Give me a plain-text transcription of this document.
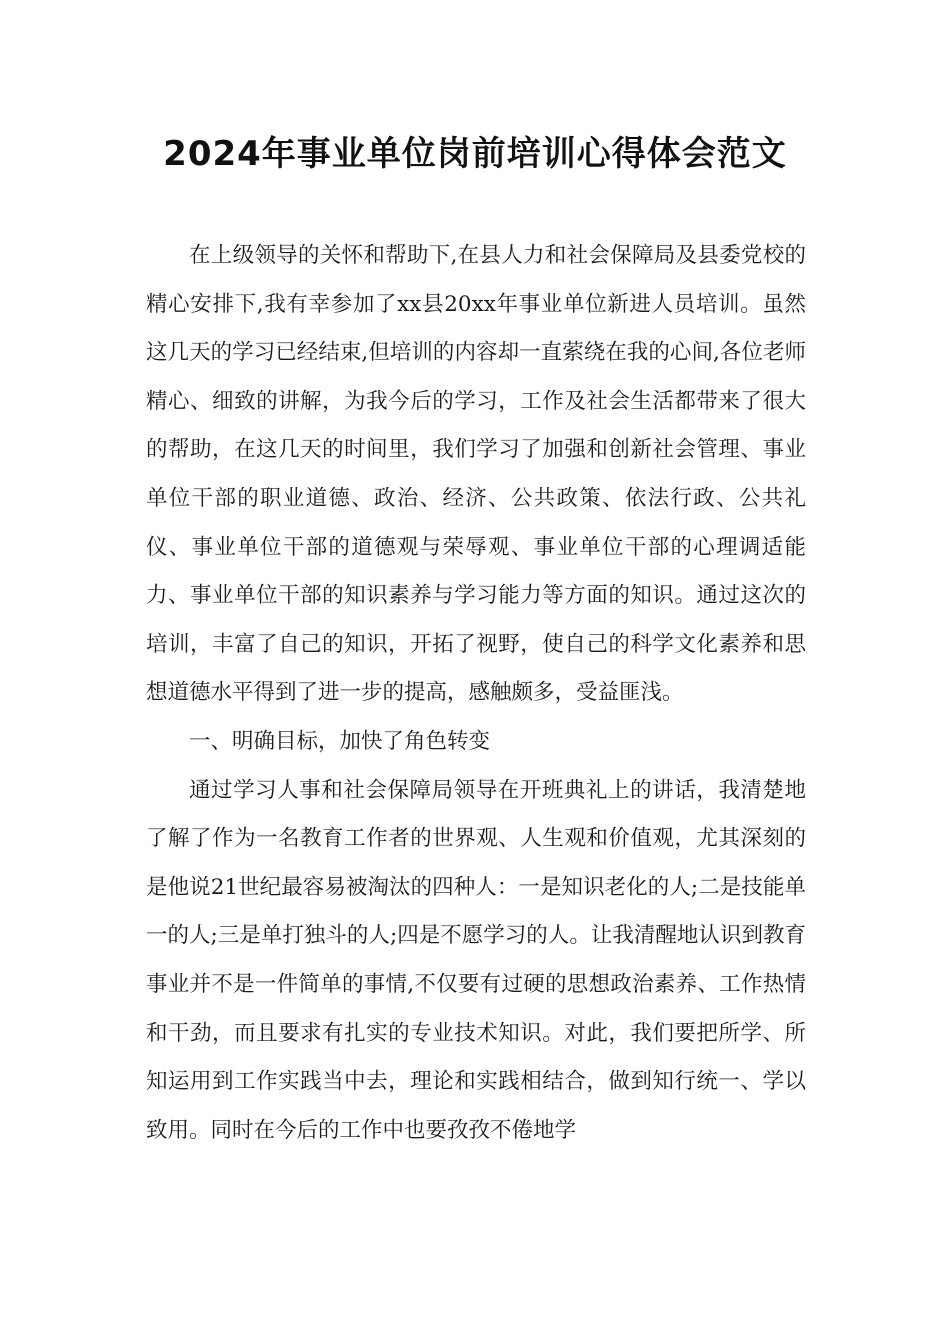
2024年事业单位岗前培训心得体会范文

在上级领导的关怀和帮助下,在县人力和社会保障局及县委党校的精心安排下,我有幸参加了xx县20xx年事业单位新进人员培训。虽然这几天的学习已经结束,但培训的内容却一直萦绕在我的心间,各位老师精心、细致的讲解，为我今后的学习，工作及社会生活都带来了很大的帮助，在这几天的时间里，我们学习了加强和创新社会管理、事业单位干部的职业道德、政治、经济、公共政策、依法行政、公共礼仪、事业单位干部的道德观与荣辱观、事业单位干部的心理调适能力、事业单位干部的知识素养与学习能力等方面的知识。通过这次的培训，丰富了自己的知识，开拓了视野，使自己的科学文化素养和思想道德水平得到了进一步的提高，感触颇多，受益匪浅。

一、明确目标，加快了角色转变

通过学习人事和社会保障局领导在开班典礼上的讲话，我清楚地了解了作为一名教育工作者的世界观、人生观和价值观，尤其深刻的是他说21世纪最容易被淘汰的四种人：一是知识老化的人;二是技能单一的人;三是单打独斗的人;四是不愿学习的人。让我清醒地认识到教育事业并不是一件简单的事情,不仅要有过硬的思想政治素养、工作热情和干劲，而且要求有扎实的专业技术知识。对此，我们要把所学、所知运用到工作实践当中去，理论和实践相结合，做到知行统一、学以致用。同时在今后的工作中也要孜孜不倦地学
